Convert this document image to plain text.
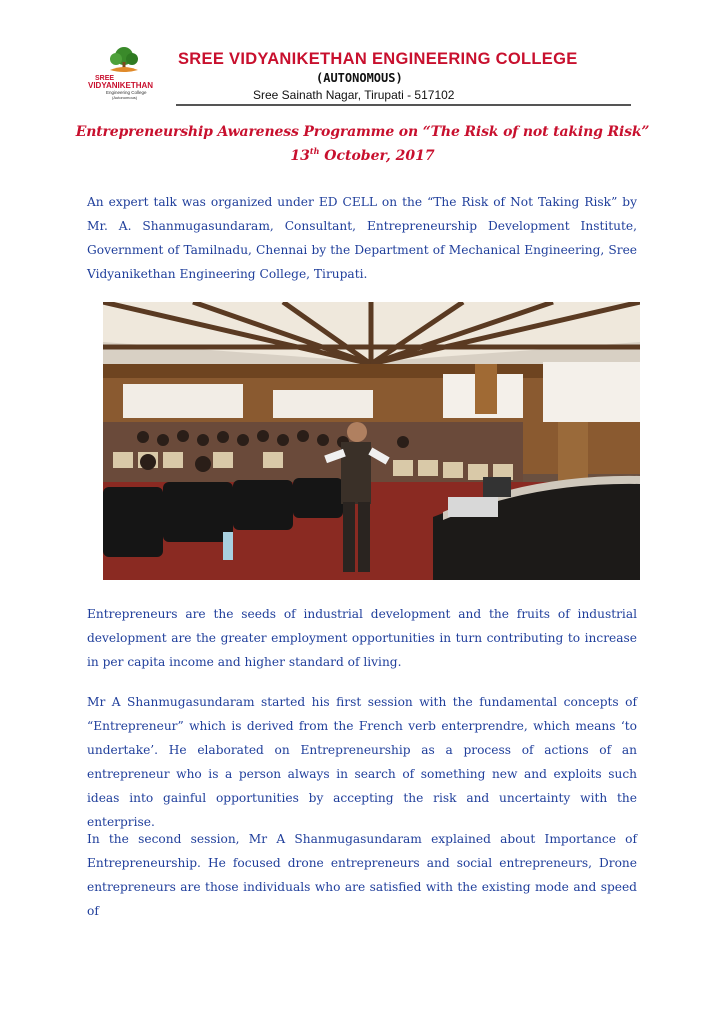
SREE
VIDYANIKETHAN
Engineering College
(Autonomous)
SREE VIDYANIKETHAN ENGINEERING COLLEGE
(AUTONOMOUS)
Sree Sainath Nagar, Tirupati - 517102
Entrepreneurship Awareness Programme on “The Risk of not taking Risk”
13th October, 2017

An expert talk was organized under ED CELL on the “The Risk of Not Taking Risk” by Mr. A. Shanmugasundaram, Consultant, Entrepreneurship Development Institute, Government of Tamilnadu, Chennai by the Department of Mechanical Engineering, Sree Vidyanikethan Engineering College, Tirupati.

Entrepreneurs are the seeds of industrial development and the fruits of industrial development are the greater employment opportunities in turn contributing to increase in per capita income and higher standard of living.

Mr A Shanmugasundaram started his first session with the fundamental concepts of “Entrepreneur” which is derived from the French verb enterprendre, which means ‘to undertake’. He elaborated on Entrepreneurship as a process of actions of an entrepreneur who is a person always in search of something new and exploits such ideas into gainful opportunities by accepting the risk and uncertainty with the enterprise.

In the second session, Mr A Shanmugasundaram explained about Importance of Entrepreneurship. He focused drone entrepreneurs and social entrepreneurs, Drone entrepreneurs are those individuals who are satisfied with the existing mode and speed of
